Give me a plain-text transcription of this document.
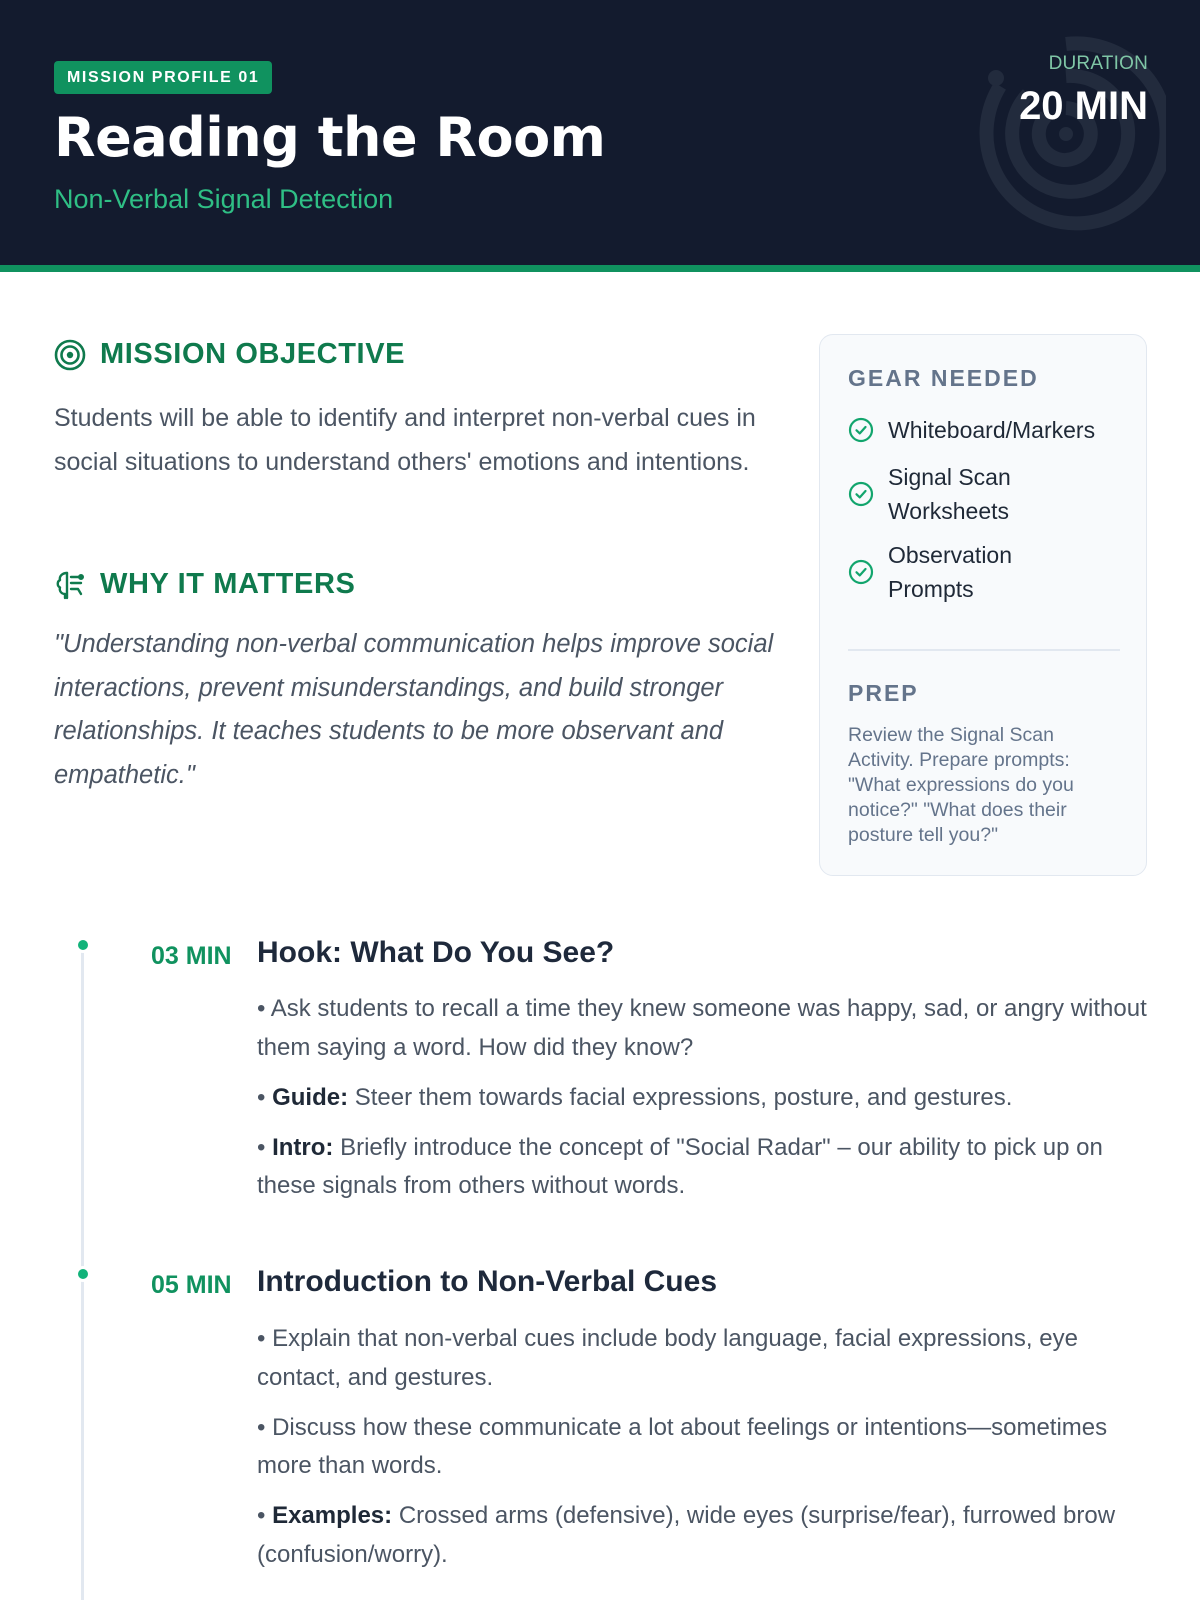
MISSION PROFILE 01
Reading the Room
Non-Verbal Signal Detection
DURATION
20 MIN
MISSION OBJECTIVE
Students will be able to identify and interpret non-verbal cues in social situations to understand others' emotions and intentions.
WHY IT MATTERS
"Understanding non-verbal communication helps improve social interactions, prevent misunderstandings, and build stronger relationships. It teaches students to be more observant and empathetic."
GEAR NEEDED
Whiteboard/Markers
Signal Scan Worksheets
Observation Prompts
PREP
Review the Signal Scan Activity. Prepare prompts: "What expressions do you notice?" "What does their posture tell you?"
03 MIN Hook: What Do You See?

• Ask students to recall a time they knew someone was happy, sad, or angry without them saying a word. How did they know?

• Guide: Steer them towards facial expressions, posture, and gestures.

• Intro: Briefly introduce the concept of "Social Radar" – our ability to pick up on these signals from others without words.

05 MIN Introduction to Non-Verbal Cues

• Explain that non-verbal cues include body language, facial expressions, eye contact, and gestures.

• Discuss how these communicate a lot about feelings or intentions—sometimes more than words.

• Examples: Crossed arms (defensive), wide eyes (surprise/fear), furrowed brow (confusion/worry).
